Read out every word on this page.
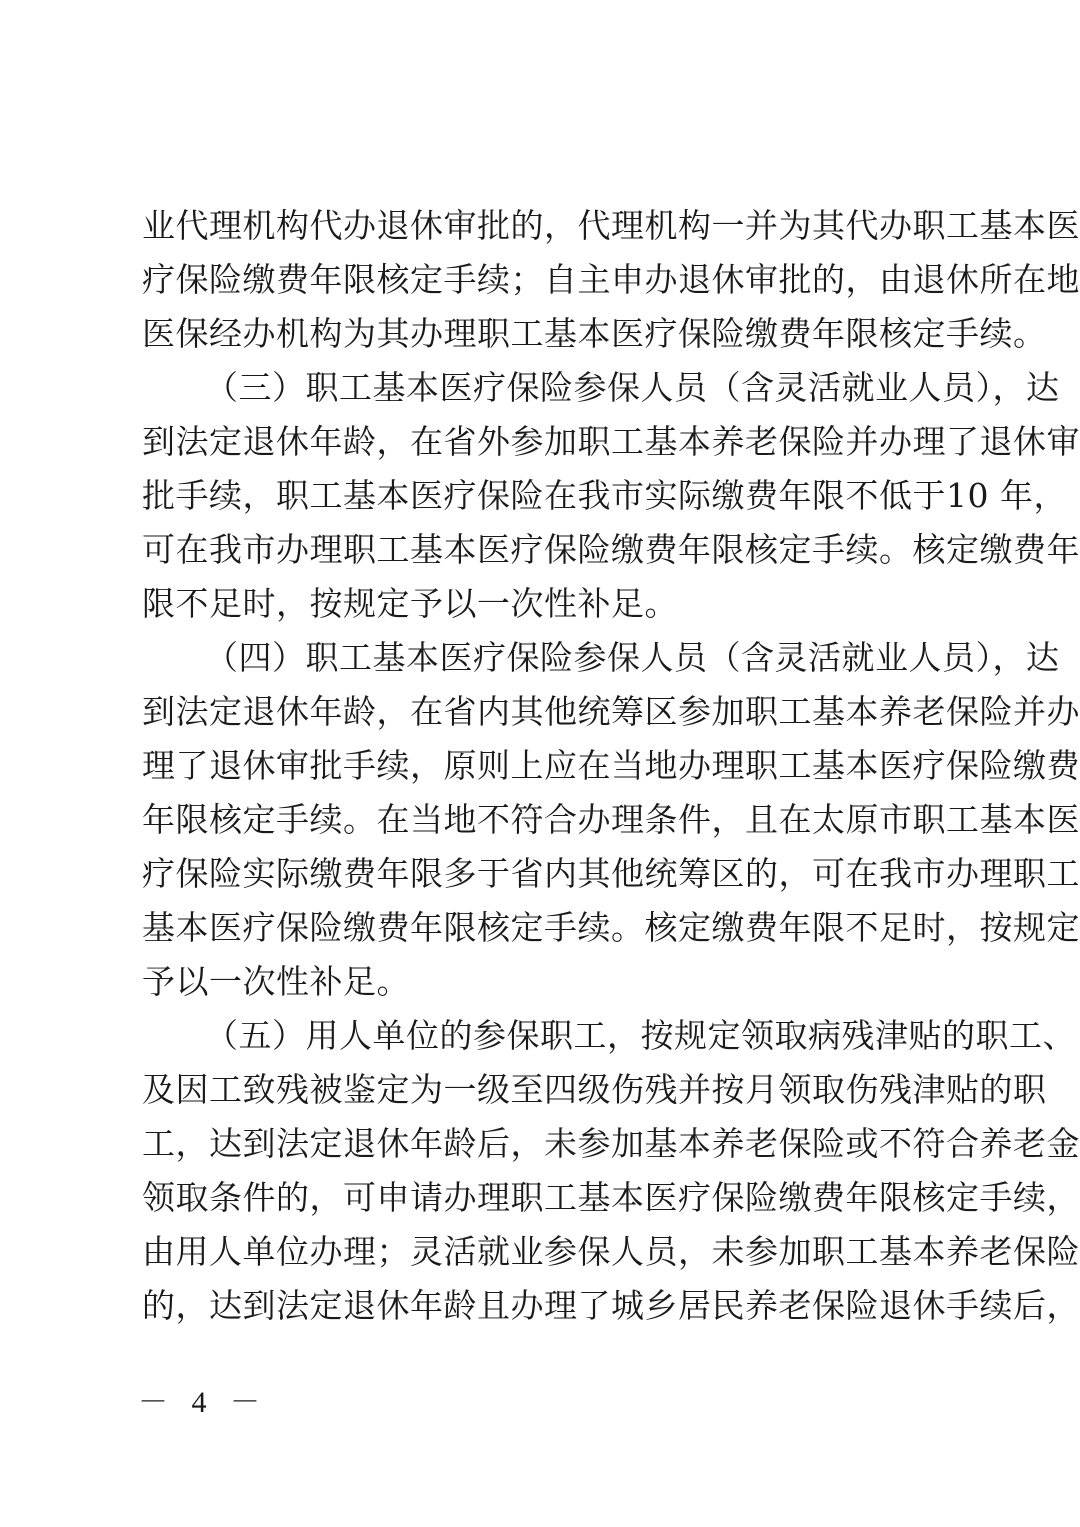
业代理机构代办退休审批的，代理机构一并为其代办职工基本医
疗保险缴费年限核定手续；自主申办退休审批的，由退休所在地
医保经办机构为其办理职工基本医疗保险缴费年限核定手续。
（三）职工基本医疗保险参保人员（含灵活就业人员），达
到法定退休年龄，在省外参加职工基本养老保险并办理了退休审
批手续，职工基本医疗保险在我市实际缴费年限不低于10 年，
可在我市办理职工基本医疗保险缴费年限核定手续。核定缴费年
限不足时，按规定予以一次性补足。
（四）职工基本医疗保险参保人员（含灵活就业人员），达
到法定退休年龄，在省内其他统筹区参加职工基本养老保险并办
理了退休审批手续，原则上应在当地办理职工基本医疗保险缴费
年限核定手续。在当地不符合办理条件，且在太原市职工基本医
疗保险实际缴费年限多于省内其他统筹区的，可在我市办理职工
基本医疗保险缴费年限核定手续。核定缴费年限不足时，按规定
予以一次性补足。
（五）用人单位的参保职工，按规定领取病残津贴的职工、
及因工致残被鉴定为一级至四级伤残并按月领取伤残津贴的职
工，达到法定退休年龄后，未参加基本养老保险或不符合养老金
领取条件的，可申请办理职工基本医疗保险缴费年限核定手续，
由用人单位办理；灵活就业参保人员，未参加职工基本养老保险
的，达到法定退休年龄且办理了城乡居民养老保险退休手续后，
－ 4 －
